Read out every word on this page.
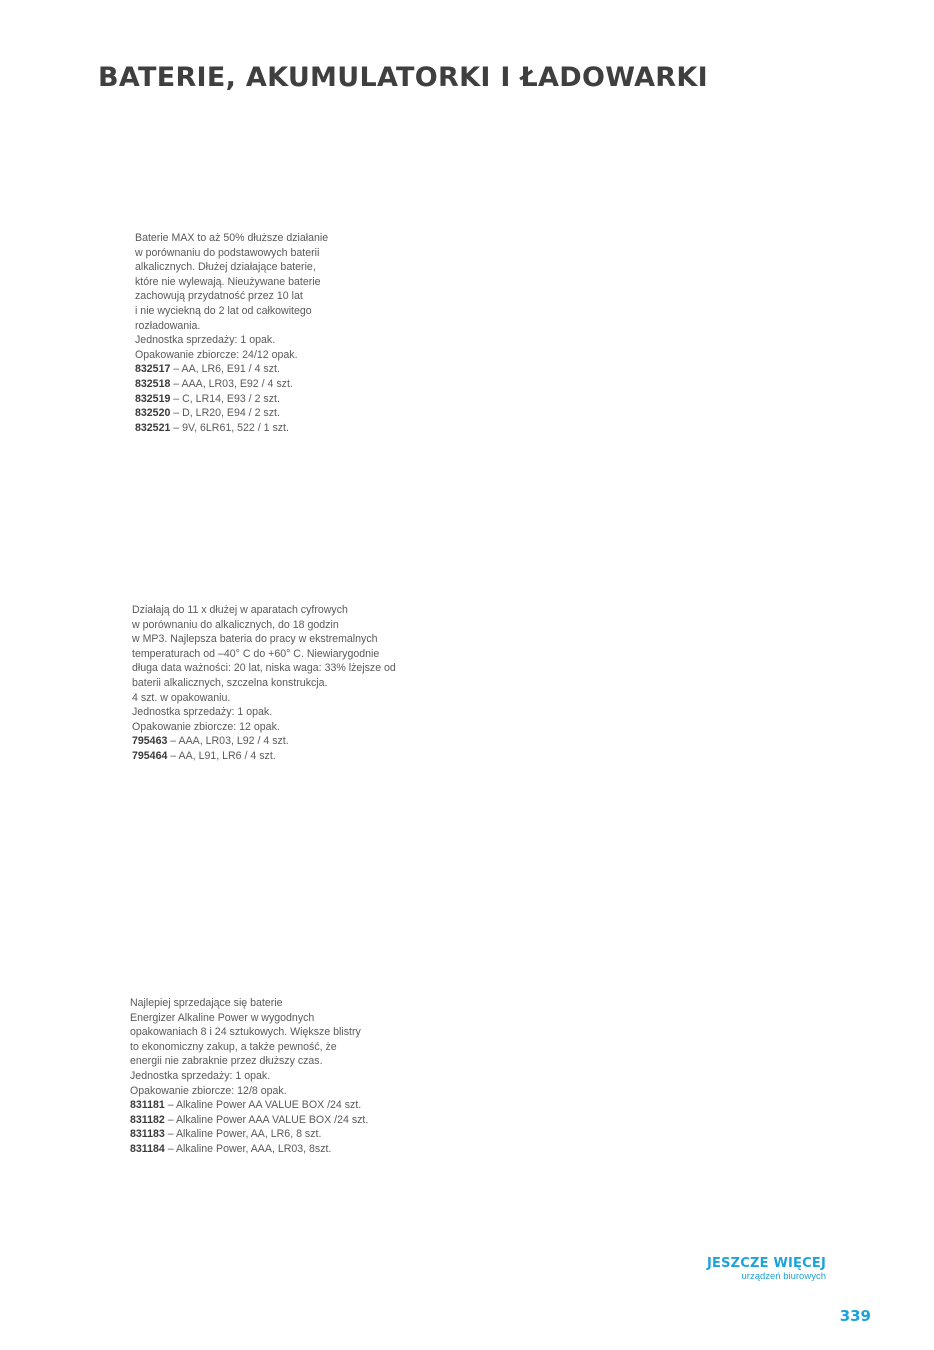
BATERIE, AKUMULATORKI I ŁADOWARKI

Baterie MAX to aż 50% dłuższe działanie
w porównaniu do podstawowych baterii
alkalicznych. Dłużej działające baterie,
które nie wylewają. Nieużywane baterie
zachowują przydatność przez 10 lat
i nie wyciekną do 2 lat od całkowitego
rozładowania.

Jednostka sprzedaży: 1 opak.
Opakowanie zbiorcze: 24/12 opak.
832517 – AA, LR6, E91 / 4 szt.
832518 – AAA, LR03, E92 / 4 szt.
832519 – C, LR14, E93 / 2 szt.
832520 – D, LR20, E94 / 2 szt.
832521 – 9V, 6LR61, 522 / 1 szt.

Działają do 11 x dłużej w aparatach cyfrowych
w porównaniu do alkalicznych, do 18 godzin
w MP3. Najlepsza bateria do pracy w ekstremalnych
temperaturach od –40° C do +60° C. Niewiarygodnie
długa data ważności: 20 lat, niska waga: 33% lżejsze od
baterii alkalicznych, szczelna konstrukcja.
4 szt. w opakowaniu.

Jednostka sprzedaży: 1 opak.
Opakowanie zbiorcze: 12 opak.
795463 – AAA, LR03, L92 / 4 szt.
795464 – AA, L91, LR6 / 4 szt.

Najlepiej sprzedające się baterie
Energizer Alkaline Power w wygodnych
opakowaniach 8 i 24 sztukowych. Większe blistry
to ekonomiczny zakup, a także pewność, że
energii nie zabraknie przez dłuższy czas.

Jednostka sprzedaży: 1 opak.
Opakowanie zbiorcze: 12/8 opak.
831181 – Alkaline Power AA VALUE BOX /24 szt.
831182 – Alkaline Power AAA VALUE BOX /24 szt.
831183 – Alkaline Power, AA, LR6, 8 szt.
831184 – Alkaline Power, AAA, LR03, 8szt.
JESZCZE WIĘCEJ
urządzeń biurowych
339
